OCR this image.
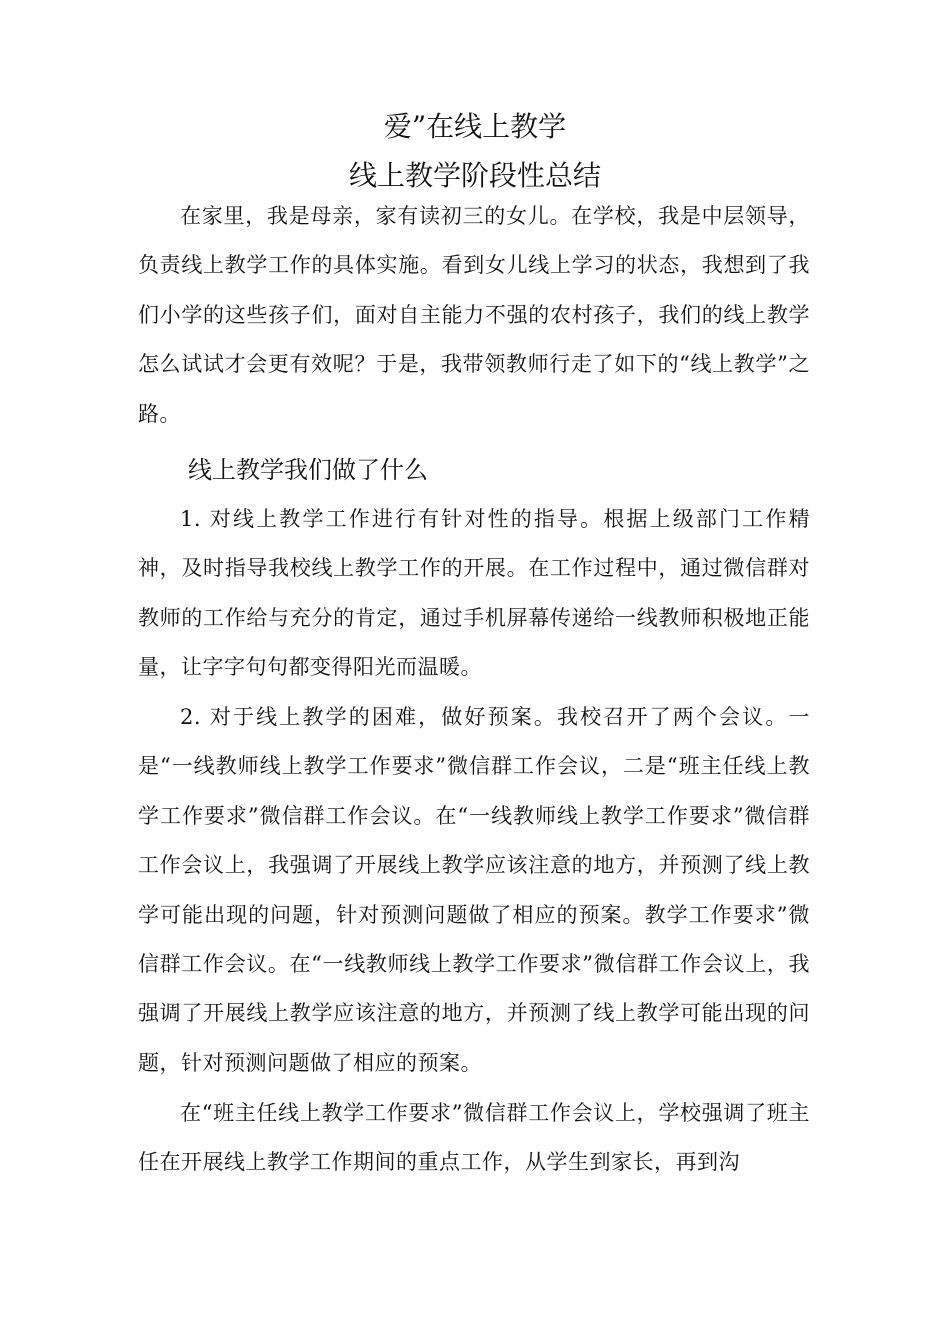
爱”在线上教学
线上教学阶段性总结

在家里，我是母亲，家有读初三的女儿。在学校，我是中层领导，负责线上教学工作的具体实施。看到女儿线上学习的状态，我想到了我们小学的这些孩子们，面对自主能力不强的农村孩子，我们的线上教学怎么试试才会更有效呢？于是，我带领教师行走了如下的“线上教学”之路。

线上教学我们做了什么

1. 对线上教学工作进行有针对性的指导。根据上级部门工作精神，及时指导我校线上教学工作的开展。在工作过程中，通过微信群对教师的工作给与充分的肯定，通过手机屏幕传递给一线教师积极地正能量，让字字句句都变得阳光而温暖。

2. 对于线上教学的困难，做好预案。我校召开了两个会议。一是“一线教师线上教学工作要求”微信群工作会议，二是“班主任线上教学工作要求”微信群工作会议。在“一线教师线上教学工作要求”微信群工作会议上，我强调了开展线上教学应该注意的地方，并预测了线上教学可能出现的问题，针对预测问题做了相应的预案。教学工作要求”微信群工作会议。在“一线教师线上教学工作要求”微信群工作会议上，我强调了开展线上教学应该注意的地方，并预测了线上教学可能出现的问题，针对预测问题做了相应的预案。

在“班主任线上教学工作要求”微信群工作会议上，学校强调了班主任在开展线上教学工作期间的重点工作，从学生到家长，再到沟
